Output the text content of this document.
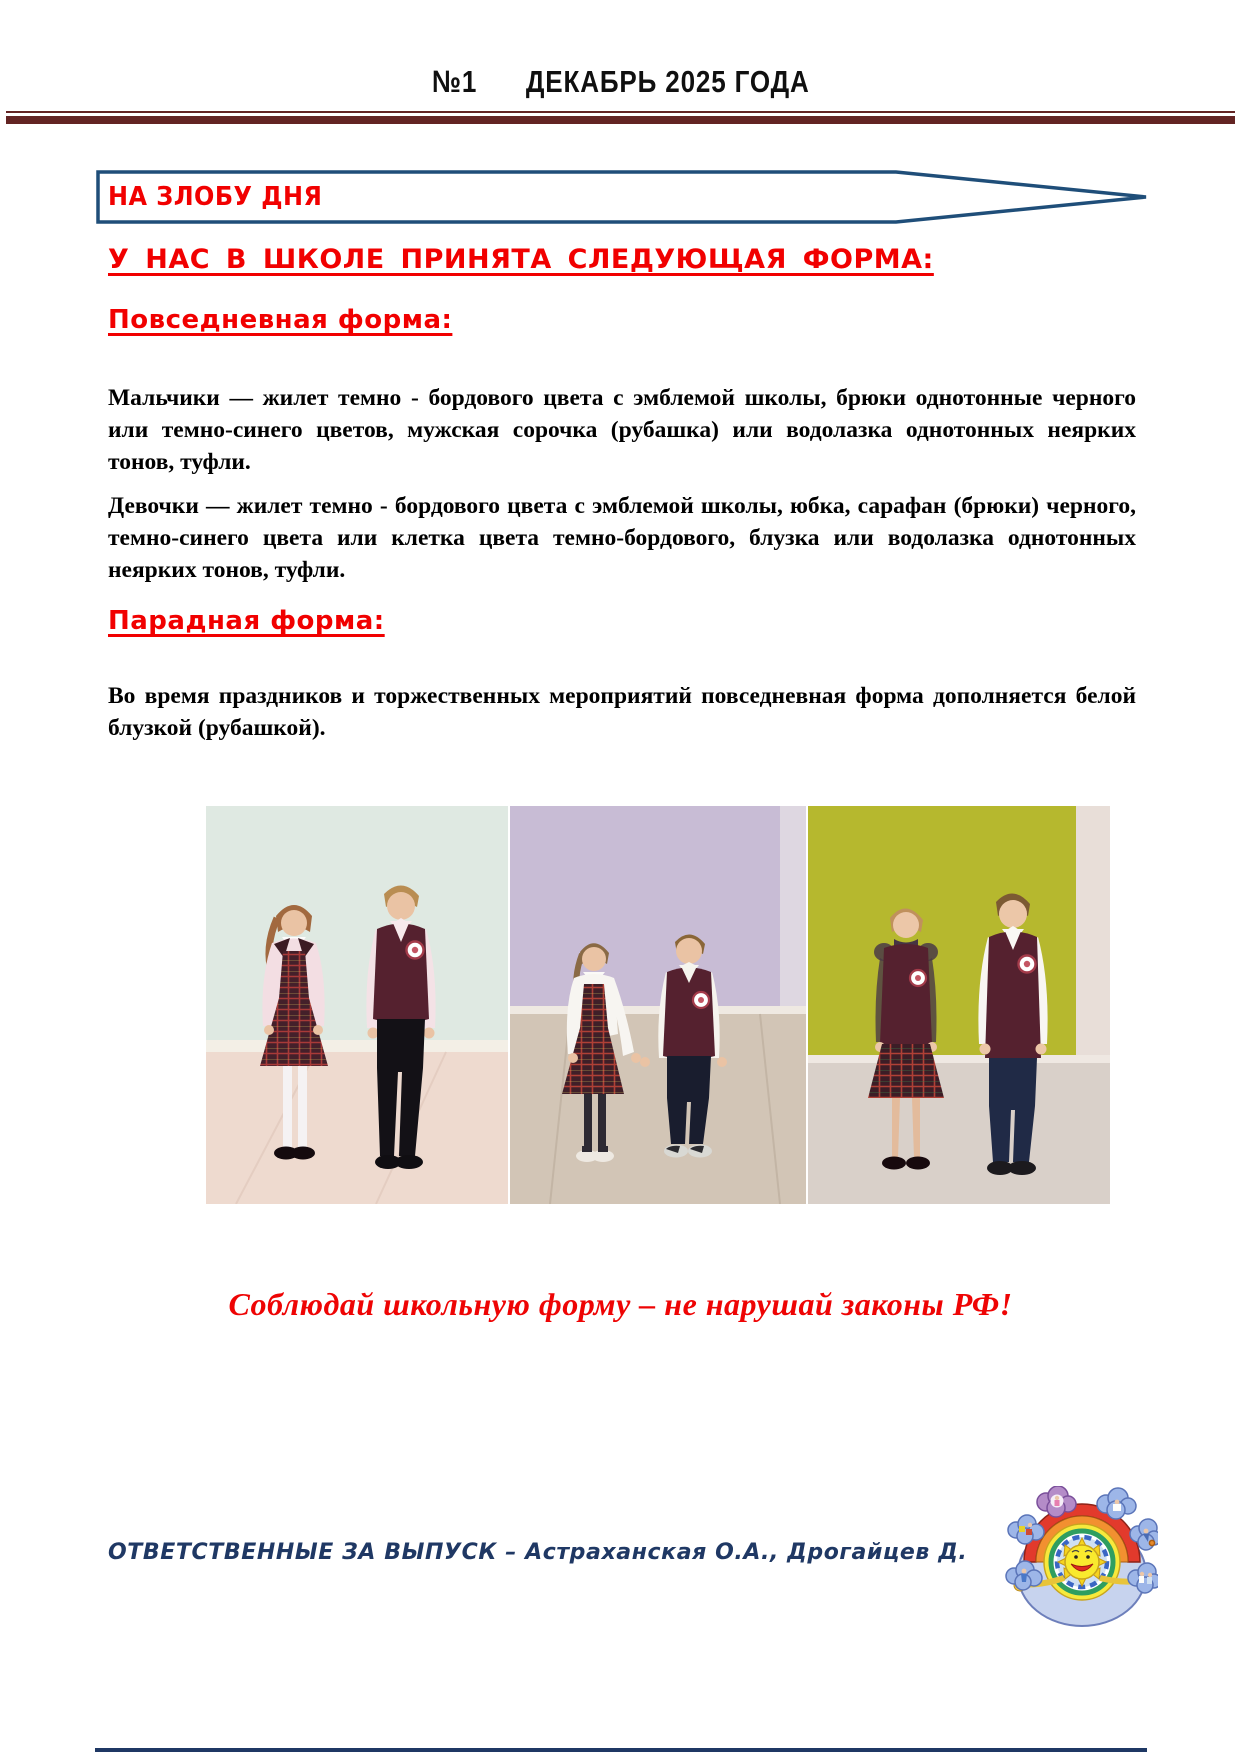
№1 ДЕКАБРЬ 2025 ГОДА
НА ЗЛОБУ ДНЯ
У НАС В ШКОЛЕ ПРИНЯТА СЛЕДУЮЩАЯ ФОРМА:
Повседневная форма:

Мальчики — жилет темно - бордового цвета с эмблемой школы, брюки однотонные черного или темно-синего цветов, мужская сорочка (рубашка) или водолазка однотонных неярких тонов, туфли.

Девочки — жилет темно - бордового цвета с эмблемой школы, юбка, сарафан (брюки) черного, темно-синего цвета или клетка цвета темно-бордового, блузка или водолазка однотонных неярких тонов, туфли.

Парадная форма:

Во время праздников и торжественных мероприятий повседневная форма дополняется белой блузкой (рубашкой).

Соблюдай школьную форму – не нарушай законы РФ!
ОТВЕТСТВЕННЫЕ ЗА ВЫПУСК – Астраханская О.А., Дрогайцев Д.
